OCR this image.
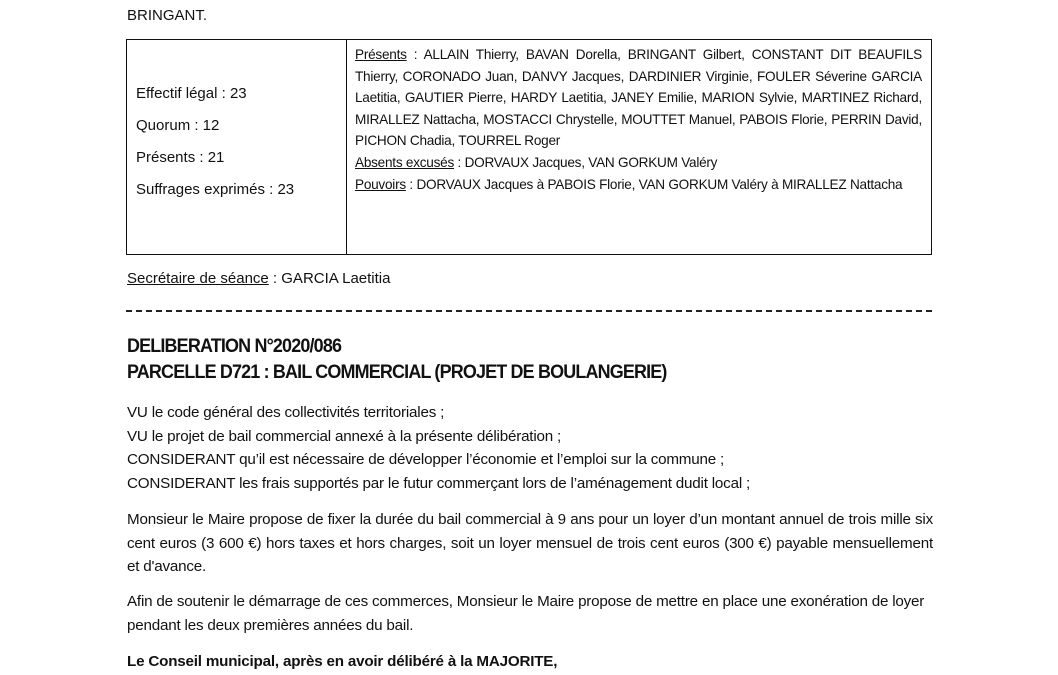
BRINGANT.
Effectif légal : 23
Quorum : 12
Présents : 21
Suffrages exprimés : 23
Présents : ALLAIN Thierry, BAVAN Dorella, BRINGANT Gilbert, CONSTANT DIT BEAUFILS Thierry, CORONADO Juan, DANVY Jacques, DARDINIER Virginie, FOULER Séverine GARCIA Laetitia, GAUTIER Pierre, HARDY Laetitia, JANEY Emilie, MARION Sylvie, MARTINEZ Richard, MIRALLEZ Nattacha, MOSTACCI Chrystelle, MOUTTET Manuel, PABOIS Florie, PERRIN David, PICHON Chadia, TOURREL Roger
Absents excusés : DORVAUX Jacques, VAN GORKUM Valéry
Pouvoirs : DORVAUX Jacques à PABOIS Florie, VAN GORKUM Valéry à MIRALLEZ Nattacha
Secrétaire de séance : GARCIA Laetitia
DELIBERATION N°2020/086
PARCELLE D721 : BAIL COMMERCIAL (PROJET DE BOULANGERIE)
VU le code général des collectivités territoriales ;
VU le projet de bail commercial annexé à la présente délibération ;
CONSIDERANT qu’il est nécessaire de développer l’économie et l’emploi sur la commune ;
CONSIDERANT les frais supportés par le futur commerçant lors de l’aménagement dudit local ;
Monsieur le Maire propose de fixer la durée du bail commercial à 9 ans pour un loyer d’un montant annuel de trois mille six cent euros (3 600 €) hors taxes et hors charges, soit un loyer mensuel de trois cent euros (300 €) payable mensuellement et d'avance.
Afin de soutenir le démarrage de ces commerces, Monsieur le Maire propose de mettre en place une exonération de loyer pendant les deux premières années du bail.
Le Conseil municipal, après en avoir délibéré à la MAJORITE,
